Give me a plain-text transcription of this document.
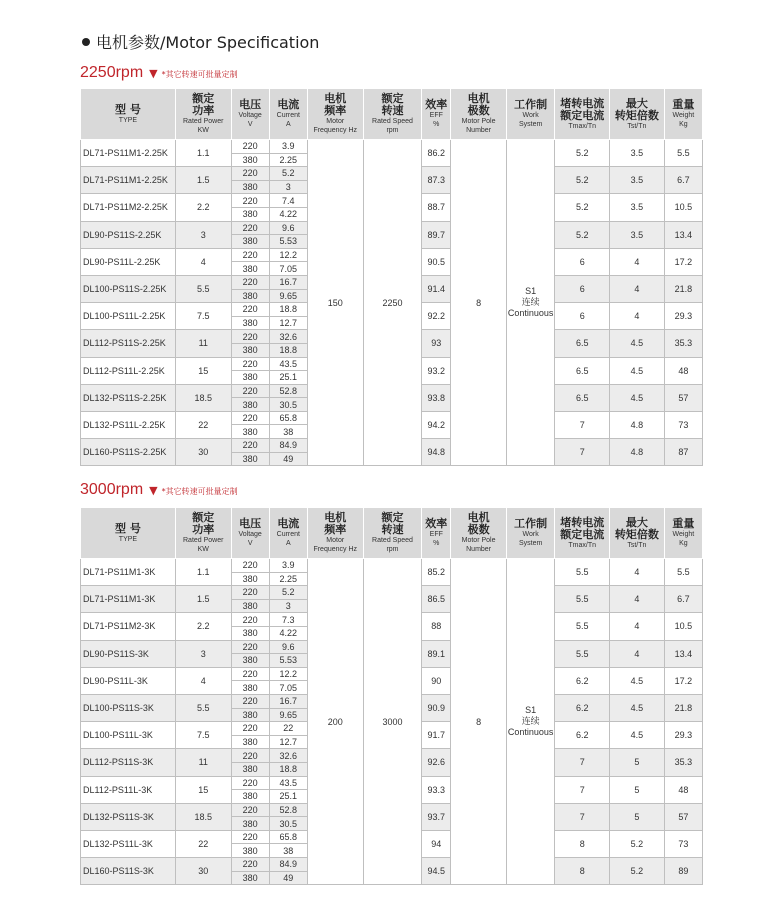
电机参数/Motor Specification
2250rpm ▼ *其它转速可批量定制
型 号
TYPE	额定
功率
Rated Power
KW	电压
Voltage
V	电流
Current
A	电机
频率
Motor
Frequency Hz	额定
转速
Rated Speed
rpm	效率
EFF
%	电机
极数
Motor Pole
Number	工作制
Work
System	堵转电流
额定电流
Tmax/Tn	最大
转矩倍数
Tst/Tn	重量
Weight
Kg

DL71-PS11M1-2.25K	1.1	220	3.9	150	2250	86.2	8	S1
连续
Continuous	5.2	3.5	5.5
		380	2.25								
DL71-PS11M1-2.25K	1.5	220	5.2			87.3			5.2	3.5	6.7
		380	3								
DL71-PS11M2-2.25K	2.2	220	7.4			88.7			5.2	3.5	10.5
		380	4.22								
DL90-PS11S-2.25K	3	220	9.6			89.7			5.2	3.5	13.4
		380	5.53								
DL90-PS11L-2.25K	4	220	12.2			90.5			6	4	17.2
		380	7.05								
DL100-PS11S-2.25K	5.5	220	16.7			91.4			6	4	21.8
		380	9.65								
DL100-PS11L-2.25K	7.5	220	18.8			92.2			6	4	29.3
		380	12.7								
DL112-PS11S-2.25K	11	220	32.6			93			6.5	4.5	35.3
		380	18.8								
DL112-PS11L-2.25K	15	220	43.5			93.2			6.5	4.5	48
		380	25.1								
DL132-PS11S-2.25K	18.5	220	52.8			93.8			6.5	4.5	57
		380	30.5								
DL132-PS11L-2.25K	22	220	65.8			94.2			7	4.8	73
		380	38								
DL160-PS11S-2.25K	30	220	84.9			94.8			7	4.8	87
		380	49								
3000rpm ▼ *其它转速可批量定制
型 号
TYPE	额定
功率
Rated Power
KW	电压
Voltage
V	电流
Current
A	电机
频率
Motor
Frequency Hz	额定
转速
Rated Speed
rpm	效率
EFF
%	电机
极数
Motor Pole
Number	工作制
Work
System	堵转电流
额定电流
Tmax/Tn	最大
转矩倍数
Tst/Tn	重量
Weight
Kg

DL71-PS11M1-3K	1.1	220	3.9	200	3000	85.2	8	S1
连续
Continuous	5.5	4	5.5
		380	2.25								
DL71-PS11M1-3K	1.5	220	5.2			86.5			5.5	4	6.7
		380	3								
DL71-PS11M2-3K	2.2	220	7.3			88			5.5	4	10.5
		380	4.22								
DL90-PS11S-3K	3	220	9.6			89.1			5.5	4	13.4
		380	5.53								
DL90-PS11L-3K	4	220	12.2			90			6.2	4.5	17.2
		380	7.05								
DL100-PS11S-3K	5.5	220	16.7			90.9			6.2	4.5	21.8
		380	9.65								
DL100-PS11L-3K	7.5	220	22			91.7			6.2	4.5	29.3
		380	12.7								
DL112-PS11S-3K	11	220	32.6			92.6			7	5	35.3
		380	18.8								
DL112-PS11L-3K	15	220	43.5			93.3			7	5	48
		380	25.1								
DL132-PS11S-3K	18.5	220	52.8			93.7			7	5	57
		380	30.5								
DL132-PS11L-3K	22	220	65.8			94			8	5.2	73
		380	38								
DL160-PS11S-3K	30	220	84.9			94.5			8	5.2	89
		380	49								
